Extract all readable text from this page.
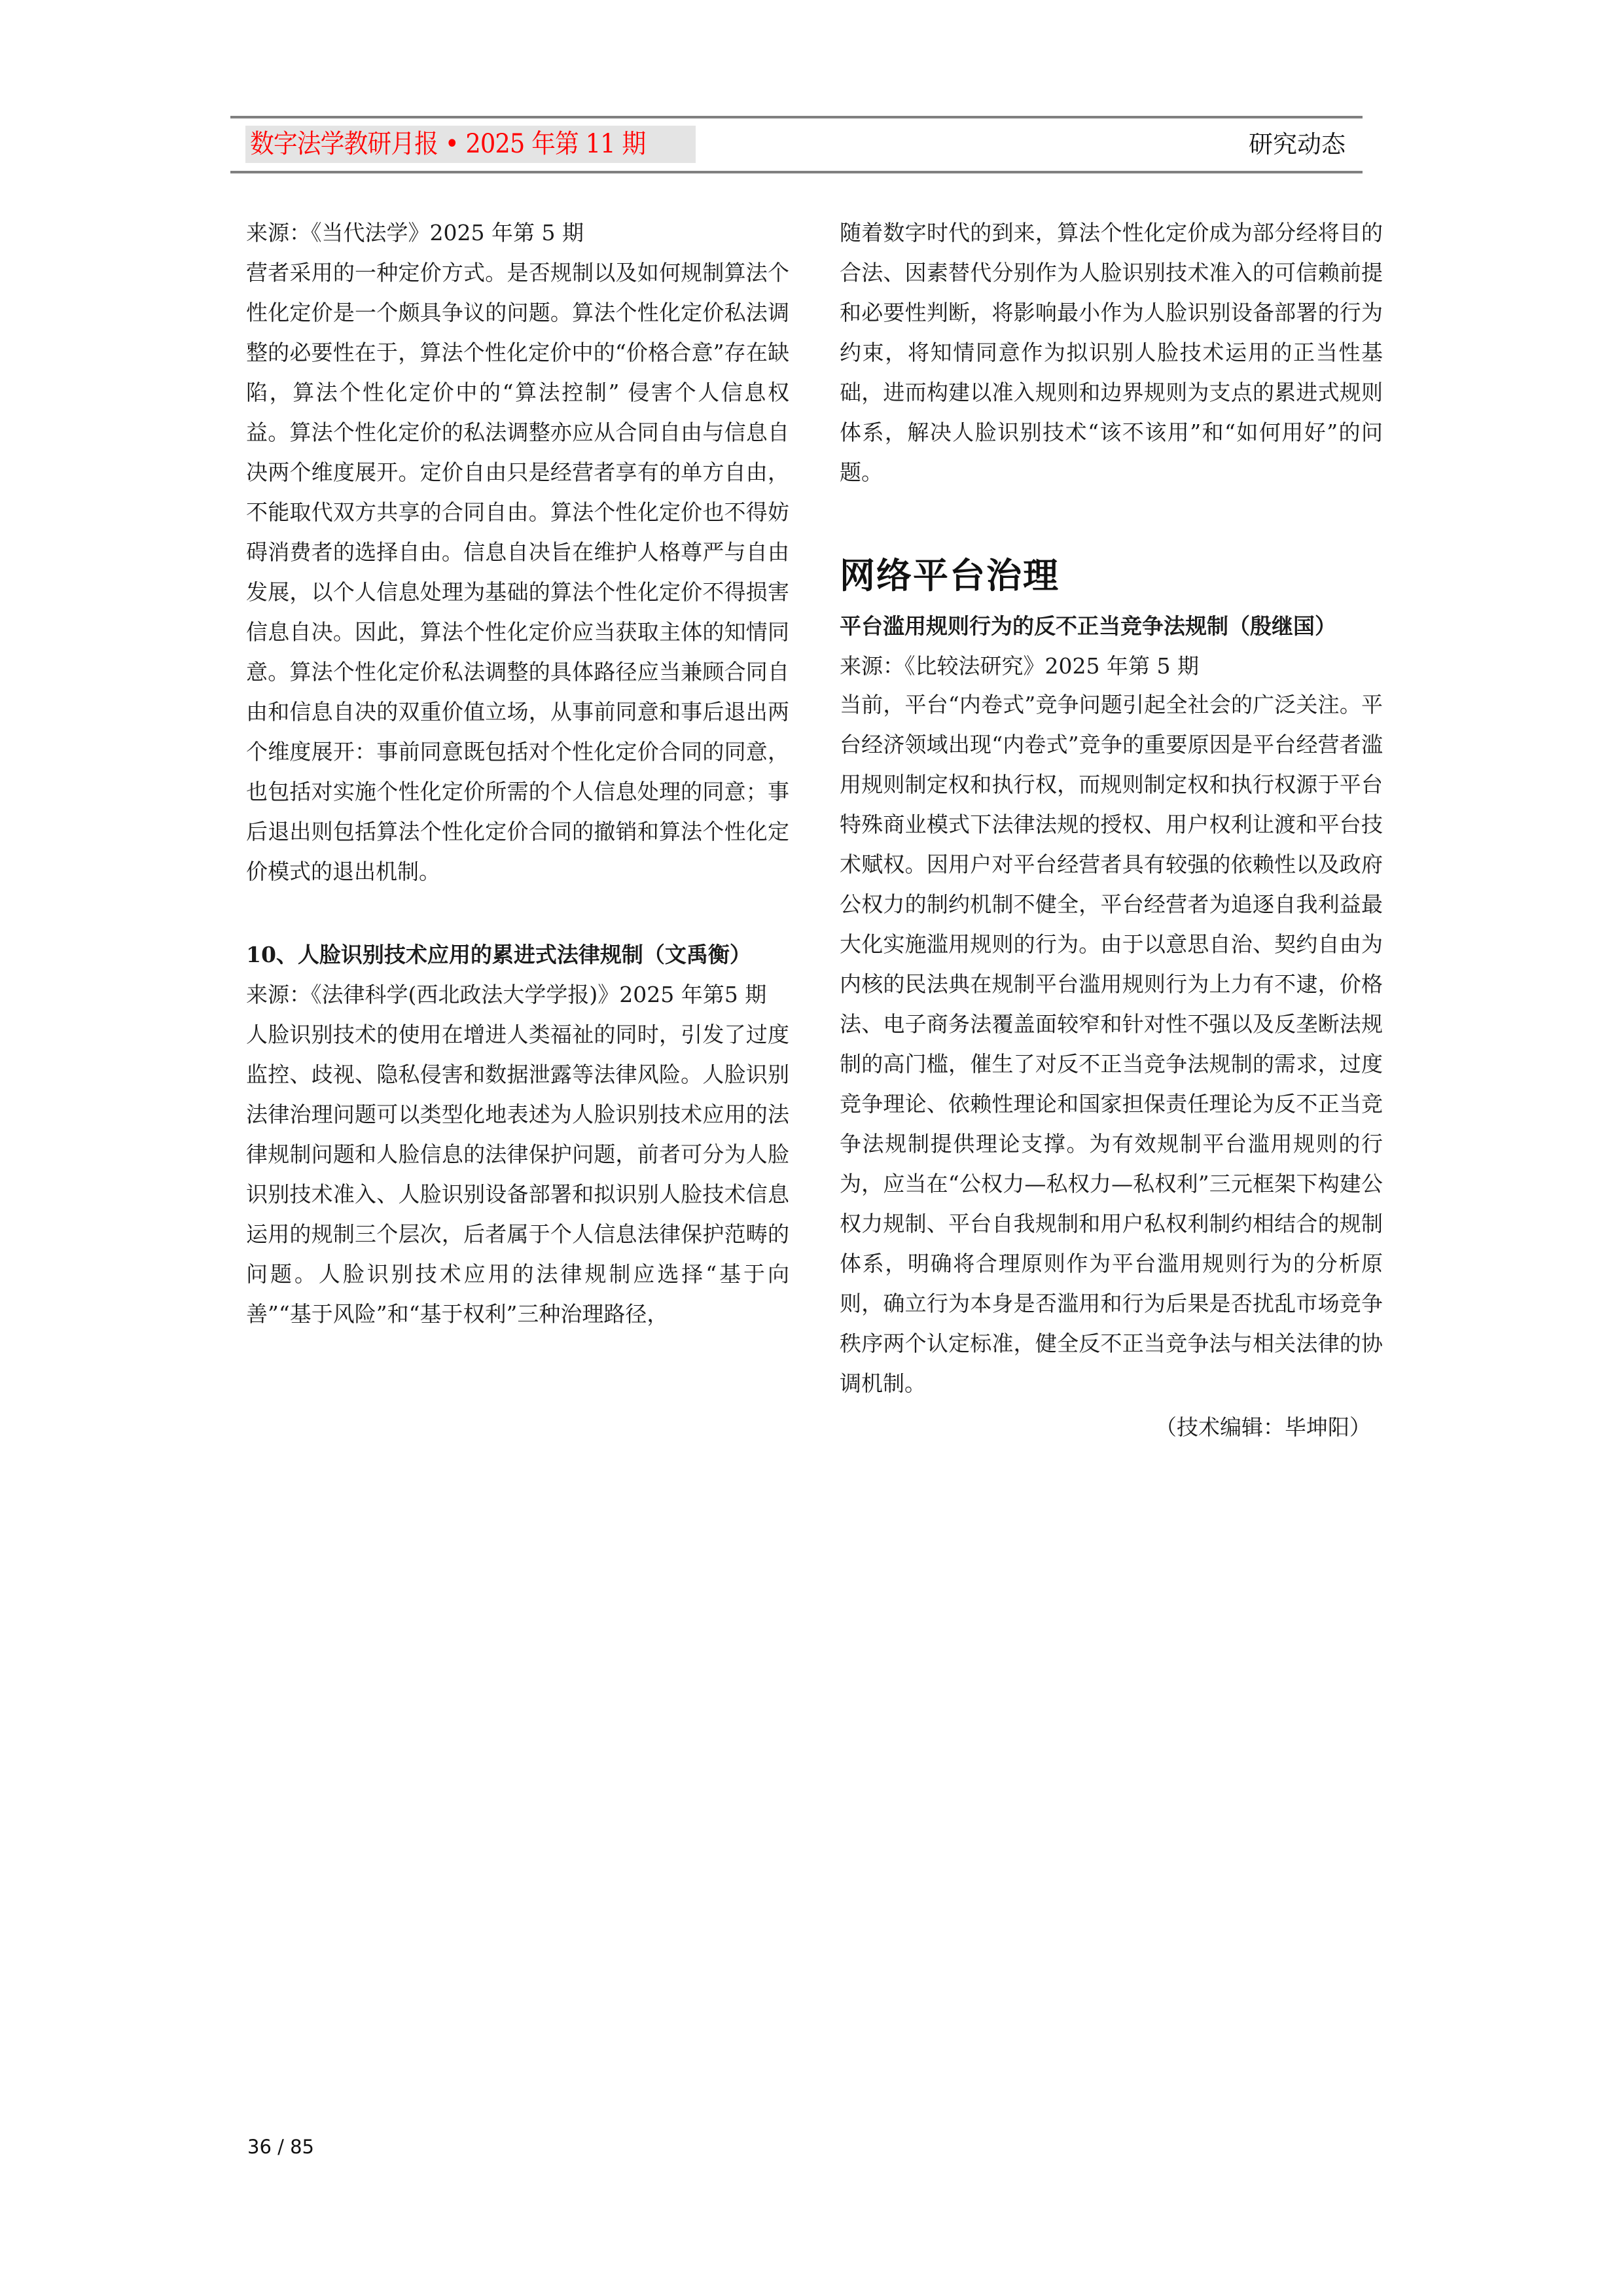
数字法学教研月报 • 2025 年第 11 期	研究动态

来源：《当代法学》2025 年第 5 期

营者采用的一种定价方式。是否规制以及如何规制算法个性化定价是一个颇具争议的问题。算法个性化定价私法调整的必要性在于，算法个性化定价中的“价格合意”存在缺陷，算法个性化定价中的“算法控制” 侵害个人信息权益。算法个性化定价的私法调整亦应从合同自由与信息自决两个维度展开。定价自由只是经营者享有的单方自由，不能取代双方共享的合同自由。算法个性化定价也不得妨碍消费者的选择自由。信息自决旨在维护人格尊严与自由发展，以个人信息处理为基础的算法个性化定价不得损害信息自决。因此，算法个性化定价应当获取主体的知情同意。算法个性化定价私法调整的具体路径应当兼顾合同自由和信息自决的双重价值立场，从事前同意和事后退出两个维度展开：事前同意既包括对个性化定价合同的同意，也包括对实施个性化定价所需的个人信息处理的同意；事后退出则包括算法个性化定价合同的撤销和算法个性化定价模式的退出机制。

10、人脸识别技术应用的累进式法律规制（文禹衡）

来源：《法律科学(西北政法大学学报)》2025 年第5 期

人脸识别技术的使用在增进人类福祉的同时，引发了过度监控、歧视、隐私侵害和数据泄露等法律风险。人脸识别法律治理问题可以类型化地表述为人脸识别技术应用的法律规制问题和人脸信息的法律保护问题，前者可分为人脸识别技术准入、人脸识别设备部署和拟识别人脸技术信息运用的规制三个层次，后者属于个人信息法律保护范畴的问题。人脸识别技术应用的法律规制应选择“基于向善”“基于风险”和“基于权利”三种治理路径，

随着数字时代的到来，算法个性化定价成为部分经将目的合法、因素替代分别作为人脸识别技术准入的可信赖前提和必要性判断，将影响最小作为人脸识别设备部署的行为约束，将知情同意作为拟识别人脸技术运用的正当性基础，进而构建以准入规则和边界规则为支点的累进式规则体系，解决人脸识别技术“该不该用”和“如何用好”的问题。

网络平台治理

平台滥用规则行为的反不正当竞争法规制（殷继国）

来源：《比较法研究》2025 年第 5 期

当前，平台“内卷式”竞争问题引起全社会的广泛关注。平台经济领域出现“内卷式”竞争的重要原因是平台经营者滥用规则制定权和执行权，而规则制定权和执行权源于平台特殊商业模式下法律法规的授权、用户权利让渡和平台技术赋权。因用户对平台经营者具有较强的依赖性以及政府公权力的制约机制不健全，平台经营者为追逐自我利益最大化实施滥用规则的行为。由于以意思自治、契约自由为内核的民法典在规制平台滥用规则行为上力有不逮，价格法、电子商务法覆盖面较窄和针对性不强以及反垄断法规制的高门槛，催生了对反不正当竞争法规制的需求，过度竞争理论、依赖性理论和国家担保责任理论为反不正当竞争法规制提供理论支撑。为有效规制平台滥用规则的行为，应当在“公权力—私权力—私权利”三元框架下构建公权力规制、平台自我规制和用户私权利制约相结合的规制体系，明确将合理原则作为平台滥用规则行为的分析原则，确立行为本身是否滥用和行为后果是否扰乱市场竞争秩序两个认定标准，健全反不正当竞争法与相关法律的协调机制。

（技术编辑：毕坤阳）

36 / 85
